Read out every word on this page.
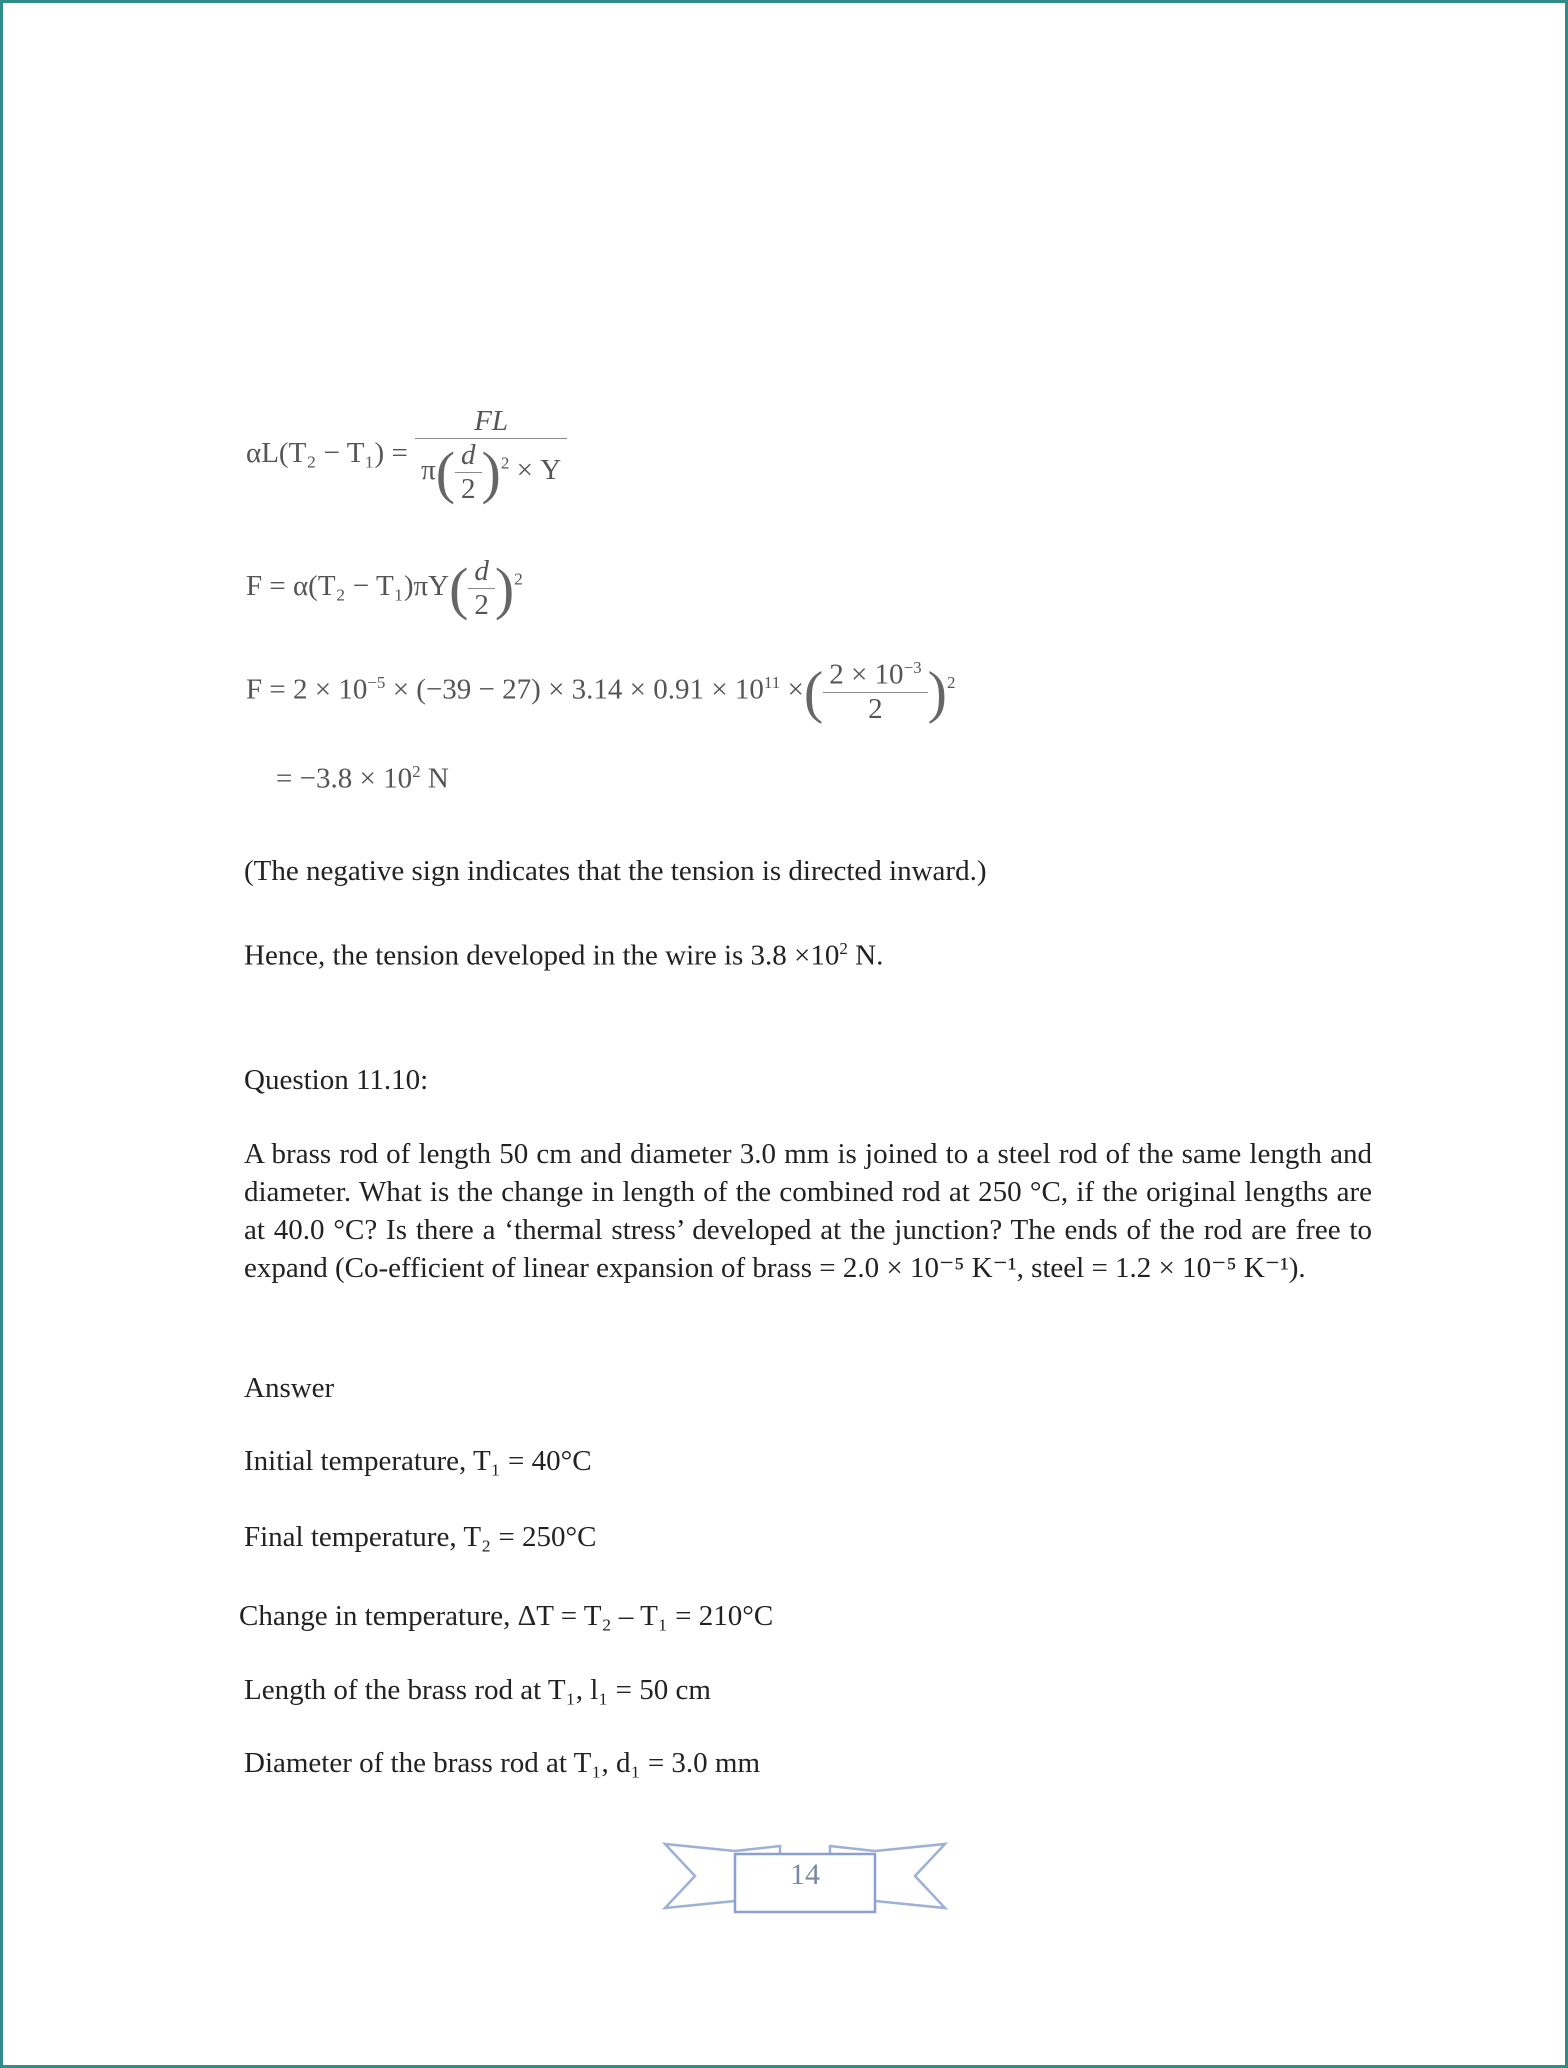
$\alpha L(T_2 - T_1) = \frac{FL}{\pi( \frac{d}{2} )^2 \times Y}$
$F = \alpha(T_2 - T_1)\pi Y( \frac{d}{2} )^2$
$F = 2 \times 10^{-5} \times (-39 - 27) \times 3.14 \times 0.91 \times 10^{11}$ ×( $\frac{2 \times 10^{-3}}{2} )^2$
= $-3.8 \times 10^2$ N
(The negative sign indicates that the tension is directed inward.)
Hence, the tension developed in the wire is $3.8 \times 10^2$ N.
Question 11.10:
A brass rod of length 50 cm and diameter 3.0 mm is joined to a steel rod of the same length and diameter. What is the change in length of the combined rod at 250 °C, if the original lengths are at 40.0 °C? Is there a ‘thermal stress’ developed at the junction? The ends of the rod are free to expand (Co-efficient of linear expansion of brass = 2.0 × 10⁻⁵ K⁻¹, steel = 1.2 × 10⁻⁵ K⁻¹).
Answer
Initial temperature, T₁ = 40°C
Final temperature, T₂ = 250°C
Change in temperature, ΔT = T₂ – T₁ = 210°C
Length of the brass rod at T₁, l₁ = 50 cm
Diameter of the brass rod at T₁, d₁ = 3.0 mm
14
